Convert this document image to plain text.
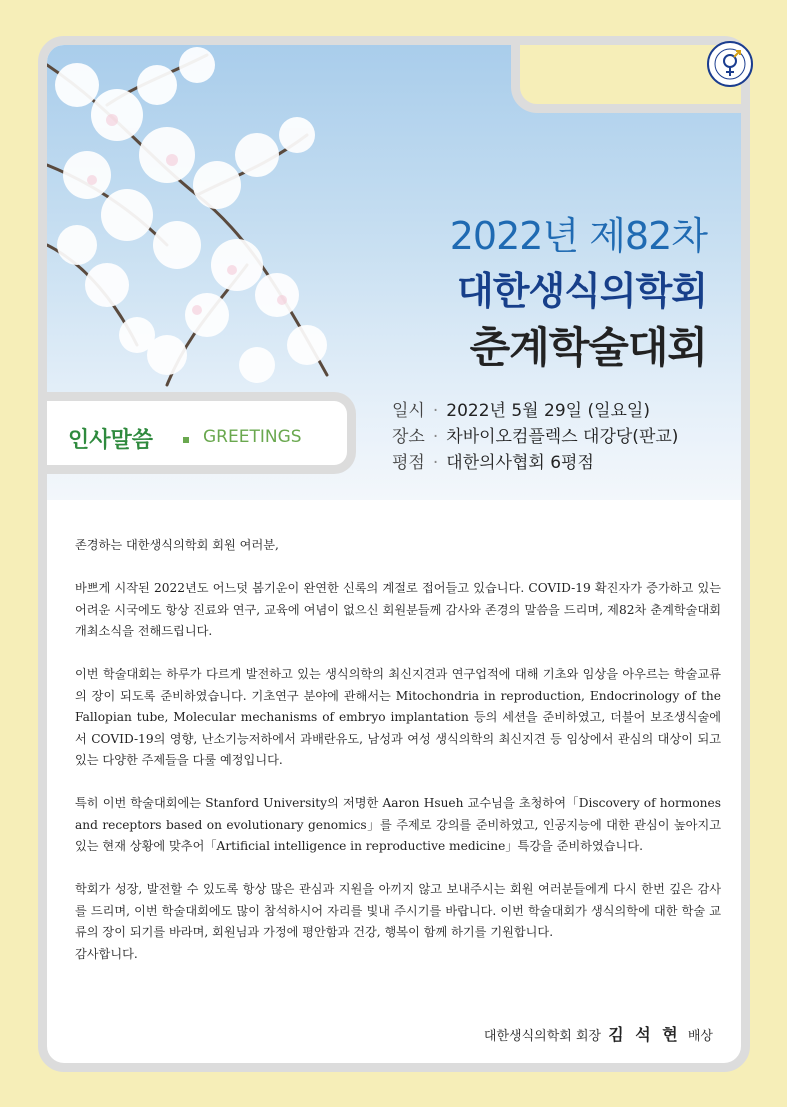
2022년 제82차
대한생식의학회
춘계학술대회
인사말씀	GREETINGS
일시 · 2022년 5월 29일 (일요일)
장소 · 차바이오컴플렉스 대강당(판교)
평점 · 대한의사협회 6평점

존경하는 대한생식의학회 회원 여러분,

바쁘게 시작된 2022년도 어느덧 봄기운이 완연한 신록의 계절로 접어들고 있습니다. COVID-19 확진자가 증가하고 있는 어려운 시국에도 항상 진료와 연구, 교육에 여념이 없으신 회원분들께 감사와 존경의 말씀을 드리며, 제82차 춘계학술대회 개최소식을 전해드립니다.

이번 학술대회는 하루가 다르게 발전하고 있는 생식의학의 최신지견과 연구업적에 대해 기초와 임상을 아우르는 학술교류의 장이 되도록 준비하였습니다. 기초연구 분야에 관해서는 Mitochondria in reproduction, Endocrinology of the Fallopian tube, Molecular mechanisms of embryo implantation 등의 세션을 준비하였고, 더불어 보조생식술에서 COVID-19의 영향, 난소기능저하에서 과배란유도, 남성과 여성 생식의학의 최신지견 등 임상에서 관심의 대상이 되고 있는 다양한 주제들을 다룰 예정입니다.

특히 이번 학술대회에는 Stanford University의 저명한 Aaron Hsueh 교수님을 초청하여「Discovery of hormones and receptors based on evolutionary genomics」를 주제로 강의를 준비하였고, 인공지능에 대한 관심이 높아지고 있는 현재 상황에 맞추어「Artificial intelligence in reproductive medicine」특강을 준비하였습니다.

학회가 성장, 발전할 수 있도록 항상 많은 관심과 지원을 아끼지 않고 보내주시는 회원 여러분들에게 다시 한번 깊은 감사를 드리며, 이번 학술대회에도 많이 참석하시어 자리를 빛내 주시기를 바랍니다. 이번 학술대회가 생식의학에 대한 학술 교류의 장이 되기를 바라며, 회원님과 가정에 평안함과 건강, 행복이 함께 하기를 기원합니다.

감사합니다.

대한생식의학회 회장 김 석 현 배상
